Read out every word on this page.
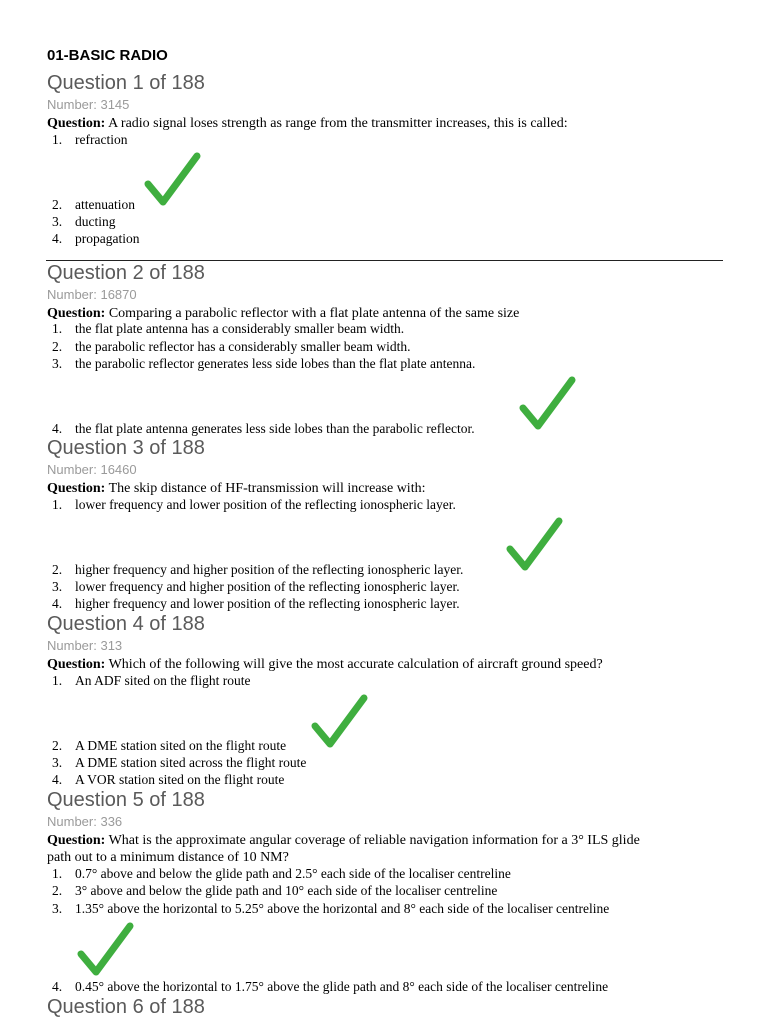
01-BASIC RADIO
Question 1 of 188
Number: 3145
Question: A radio signal loses strength as range from the transmitter increases, this is called:
1. refraction
2. attenuation
3. ducting
4. propagation
Question 2 of 188
Number: 16870
Question: Comparing a parabolic reflector with a flat plate antenna of the same size
1. the flat plate antenna has a considerably smaller beam width.
2. the parabolic reflector has a considerably smaller beam width.
3. the parabolic reflector generates less side lobes than the flat plate antenna.
4. the flat plate antenna generates less side lobes than the parabolic reflector.
Question 3 of 188
Number: 16460
Question: The skip distance of HF-transmission will increase with:
1. lower frequency and lower position of the reflecting ionospheric layer.
2. higher frequency and higher position of the reflecting ionospheric layer.
3. lower frequency and higher position of the reflecting ionospheric layer.
4. higher frequency and lower position of the reflecting ionospheric layer.
Question 4 of 188
Number: 313
Question: Which of the following will give the most accurate calculation of aircraft ground speed?
1. An ADF sited on the flight route
2. A DME station sited on the flight route
3. A DME station sited across the flight route
4. A VOR station sited on the flight route
Question 5 of 188
Number: 336
Question: What is the approximate angular coverage of reliable navigation information for a 3° ILS glide
path out to a minimum distance of 10 NM?
1. 0.7° above and below the glide path and 2.5° each side of the localiser centreline
2. 3° above and below the glide path and 10° each side of the localiser centreline
3. 1.35° above the horizontal to 5.25° above the horizontal and 8° each side of the localiser centreline
4. 0.45° above the horizontal to 1.75° above the glide path and 8° each side of the localiser centreline
Question 6 of 188
